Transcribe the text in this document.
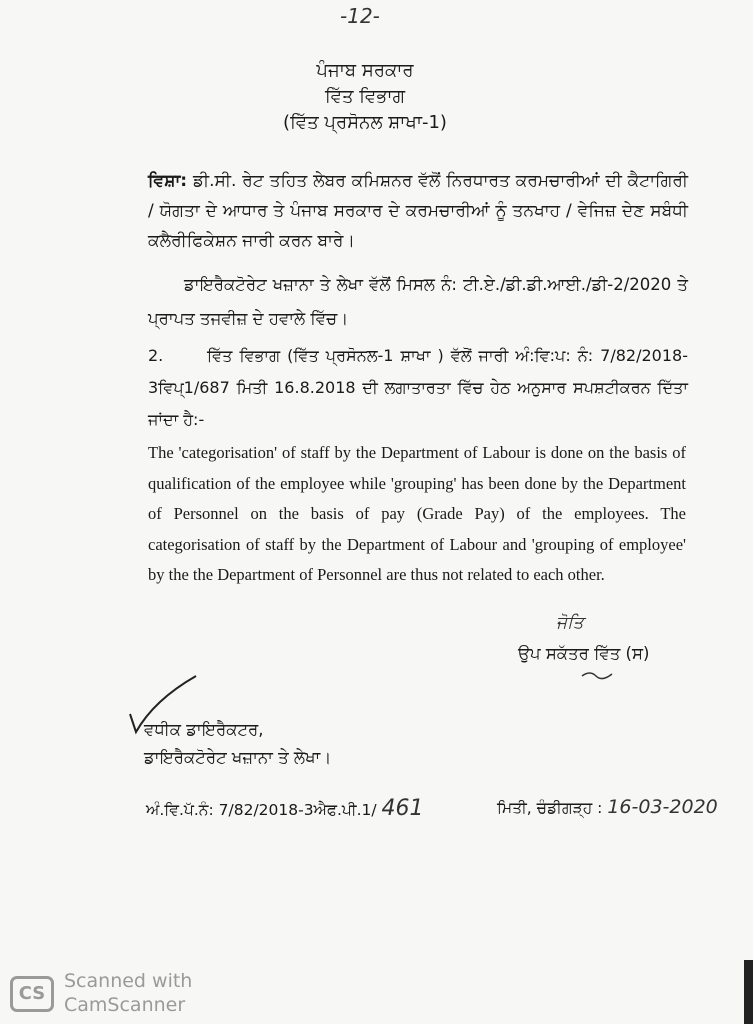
-12-
ਪੰਜਾਬ ਸਰਕਾਰ
ਵਿੱਤ ਵਿਭਾਗ
(ਵਿੱਤ ਪ੍ਰਸੋਨਲ ਸ਼ਾਖਾ-1)
ਵਿਸ਼ਾ: ਡੀ.ਸੀ. ਰੇਟ ਤਹਿਤ ਲੇਬਰ ਕਮਿਸ਼ਨਰ ਵੱਲੋਂ ਨਿਰਧਾਰਤ ਕਰਮਚਾਰੀਆਂ ਦੀ ਕੈਟਾਗਿਰੀ / ਯੋਗਤਾ ਦੇ ਆਧਾਰ ਤੇ ਪੰਜਾਬ ਸਰਕਾਰ ਦੇ ਕਰਮਚਾਰੀਆਂ ਨੂੰ ਤਨਖਾਹ / ਵੇਜਿਜ਼ ਦੇਣ ਸਬੰਧੀ ਕਲੈਰੀਫਿਕੇਸ਼ਨ ਜਾਰੀ ਕਰਨ ਬਾਰੇ।
ਡਾਇਰੈਕਟੋਰੇਟ ਖਜ਼ਾਨਾ ਤੇ ਲੇਖਾ ਵੱਲੋਂ ਮਿਸਲ ਨੰ: ਟੀ.ਏ./ਡੀ.ਡੀ.ਆਈ./ਡੀ-2/2020 ਤੇ ਪ੍ਰਾਪਤ ਤਜਵੀਜ਼ ਦੇ ਹਵਾਲੇ ਵਿੱਚ।
2.	ਵਿੱਤ ਵਿਭਾਗ (ਵਿੱਤ ਪ੍ਰਸੋਨਲ-1 ਸ਼ਾਖਾ ) ਵੱਲੋਂ ਜਾਰੀ ਅੰ:ਵਿ:ਪ: ਨੰ: 7/82/2018-3ਵਿਪ੍1/687 ਮਿਤੀ 16.8.2018 ਦੀ ਲਗਾਤਾਰਤਾ ਵਿੱਚ ਹੇਠ ਅਨੁਸਾਰ ਸਪਸ਼ਟੀਕਰਨ ਦਿੱਤਾ ਜਾਂਦਾ ਹੈ:-

The 'categorisation' of staff by the Department of Labour is done on the basis of qualification of the employee while 'grouping' has been done by the Department of Personnel on the basis of pay (Grade Pay) of the employees. The categorisation of staff by the Department of Labour and 'grouping of employee' by the the Department of Personnel are thus not related to each other.

ਜੋਤਿ
ਉਪ ਸਕੱਤਰ ਵਿੱਤ (ਸ)
ਵਧੀਕ ਡਾਇਰੈਕਟਰ,
ਡਾਇਰੈਕਟੋਰੇਟ ਖਜ਼ਾਨਾ ਤੇ ਲੇਖਾ।
ਅੰ.ਵਿ.ਪੱ.ਨੰ: 7/82/2018-3ਐਫ.ਪੀ.1/ 461	ਮਿਤੀ, ਚੰਡੀਗੜ੍ਹ : 16-03-2020
CS
Scanned with
CamScanner
